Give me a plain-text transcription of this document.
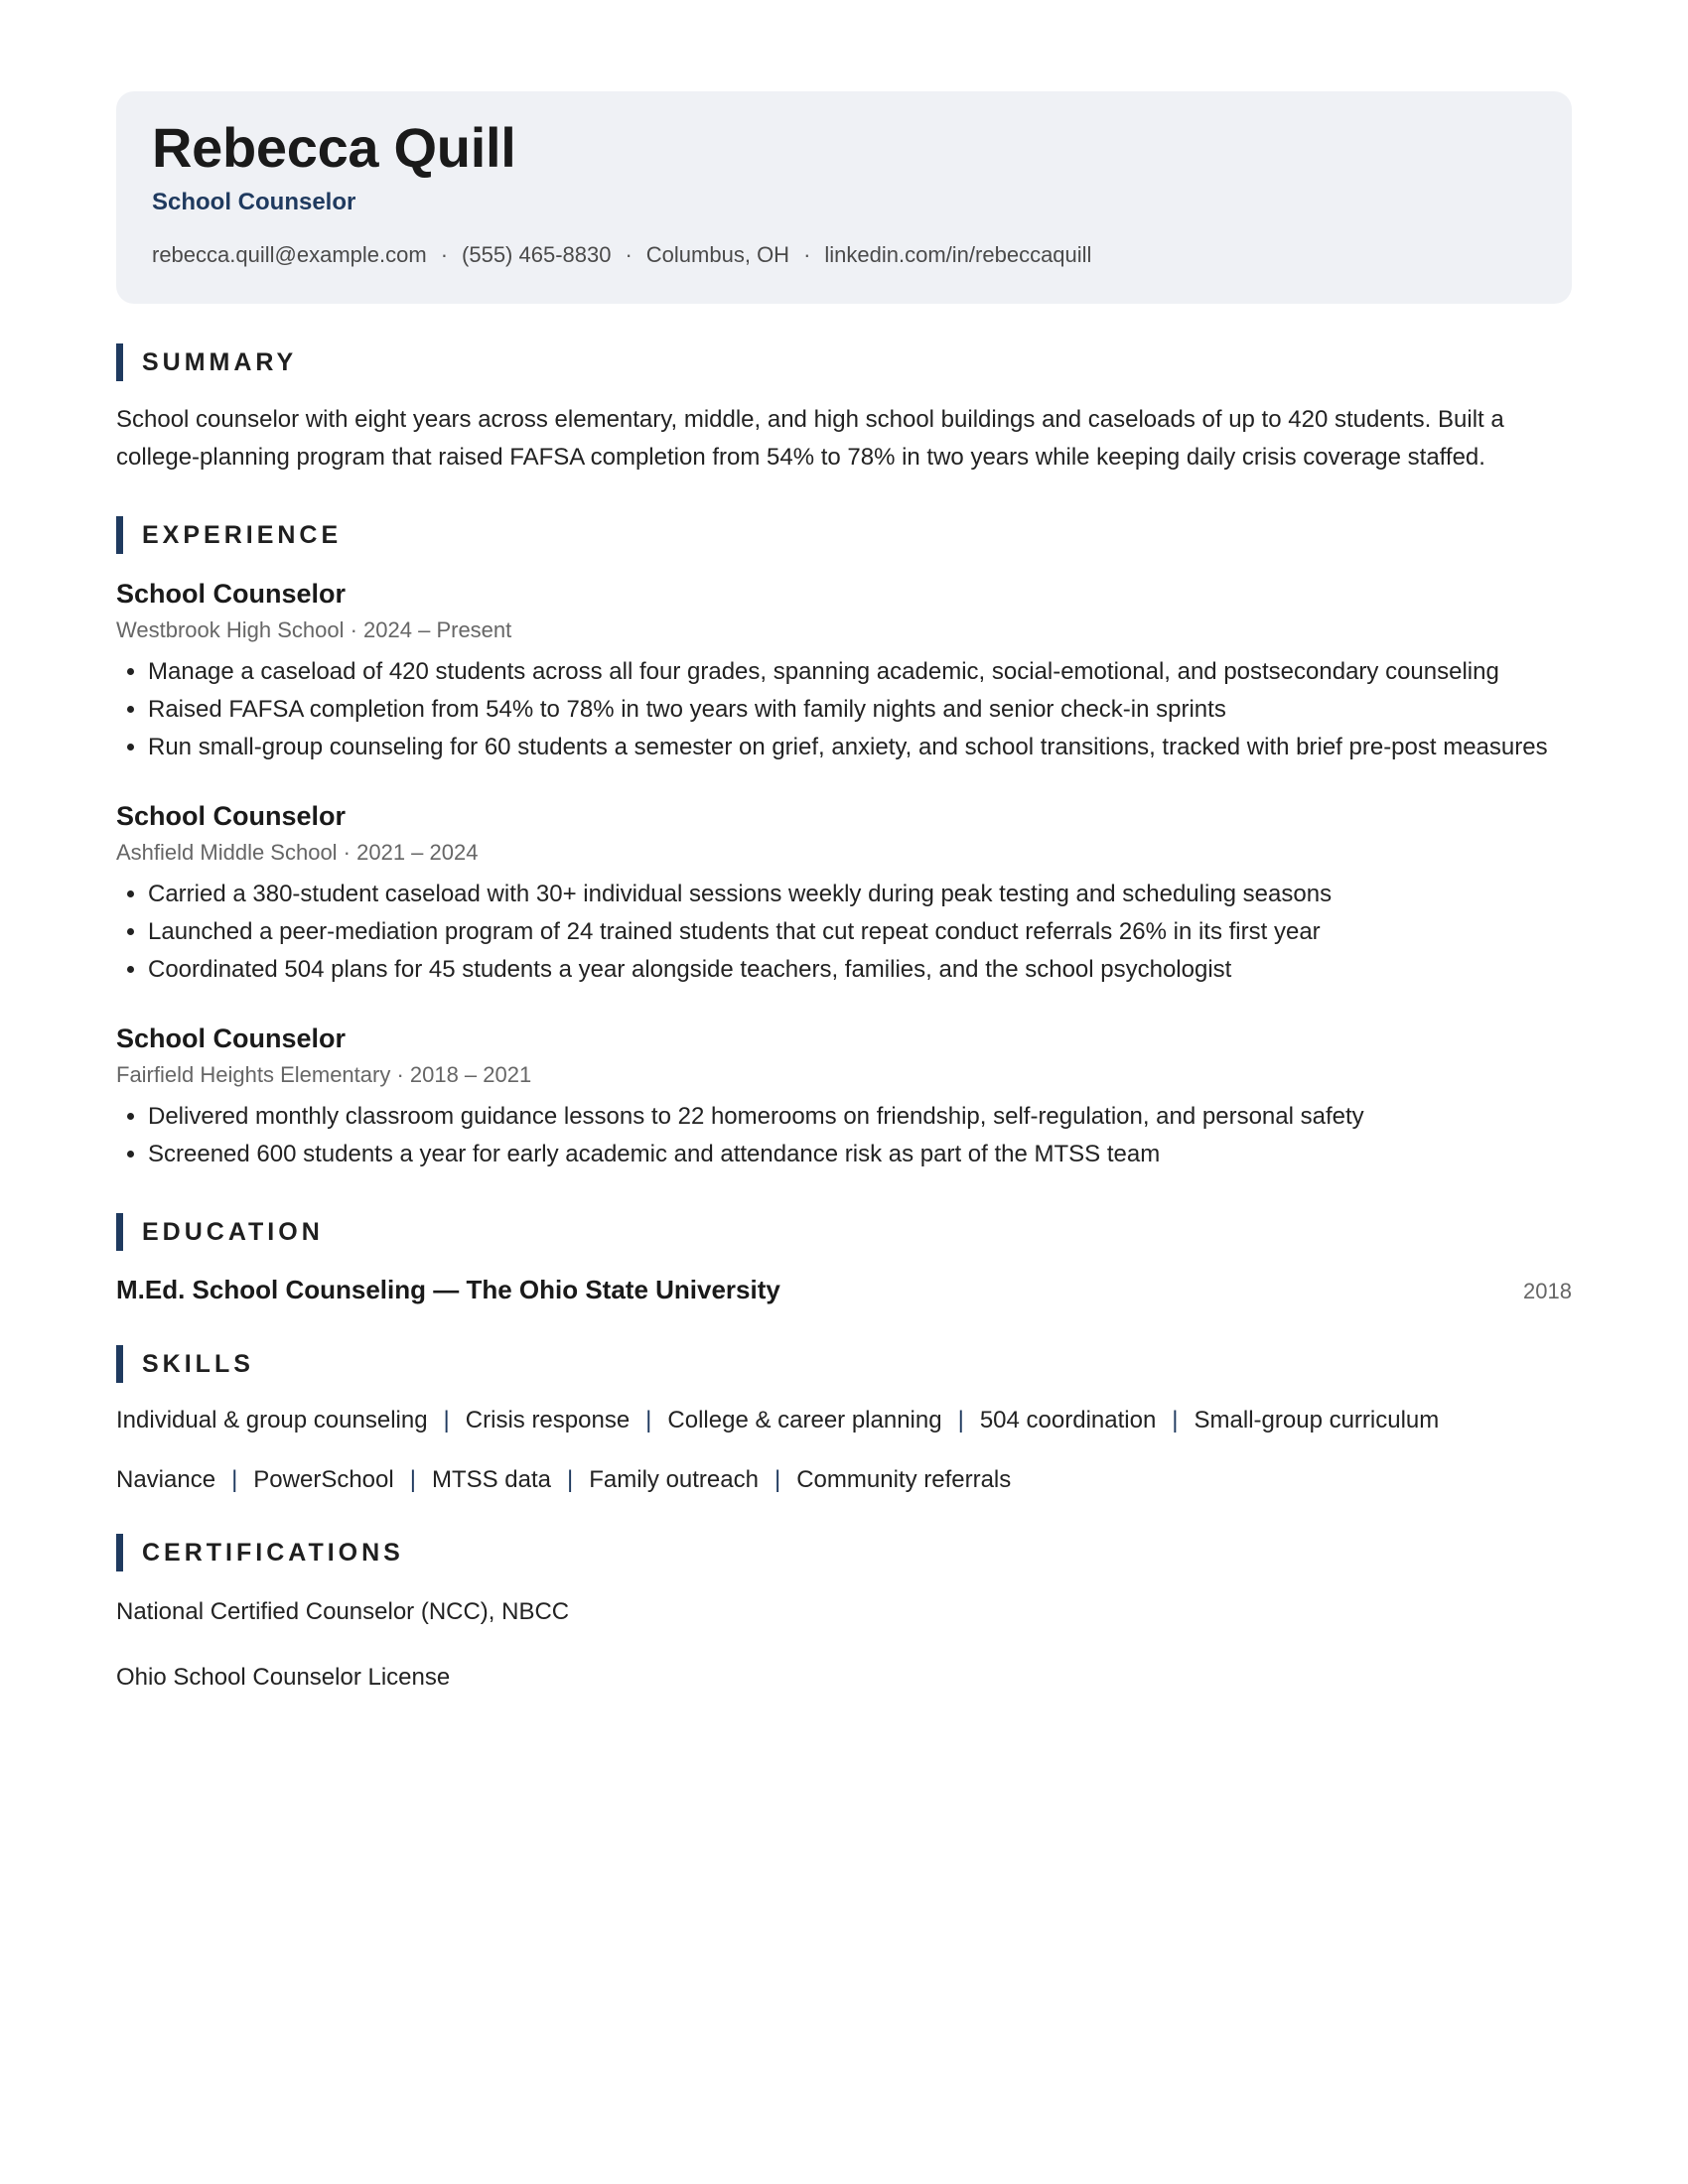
Rebecca Quill
School Counselor
rebecca.quill@example.com · (555) 465-8830 · Columbus, OH · linkedin.com/in/rebeccaquill
SUMMARY
School counselor with eight years across elementary, middle, and high school buildings and caseloads of up to 420 students. Built a college-planning program that raised FAFSA completion from 54% to 78% in two years while keeping daily crisis coverage staffed.
EXPERIENCE
School Counselor
Westbrook High School · 2024 – Present
• Manage a caseload of 420 students across all four grades, spanning academic, social-emotional, and postsecondary counseling
• Raised FAFSA completion from 54% to 78% in two years with family nights and senior check-in sprints
• Run small-group counseling for 60 students a semester on grief, anxiety, and school transitions, tracked with brief pre-post measures
School Counselor
Ashfield Middle School · 2021 – 2024
• Carried a 380-student caseload with 30+ individual sessions weekly during peak testing and scheduling seasons
• Launched a peer-mediation program of 24 trained students that cut repeat conduct referrals 26% in its first year
• Coordinated 504 plans for 45 students a year alongside teachers, families, and the school psychologist
School Counselor
Fairfield Heights Elementary · 2018 – 2021
• Delivered monthly classroom guidance lessons to 22 homerooms on friendship, self-regulation, and personal safety
• Screened 600 students a year for early academic and attendance risk as part of the MTSS team
EDUCATION
M.Ed. School Counseling — The Ohio State University	2018
SKILLS
Individual & group counseling | Crisis response | College & career planning | 504 coordination | Small-group curriculum
Naviance | PowerSchool | MTSS data | Family outreach | Community referrals
CERTIFICATIONS
National Certified Counselor (NCC), NBCC
Ohio School Counselor License
